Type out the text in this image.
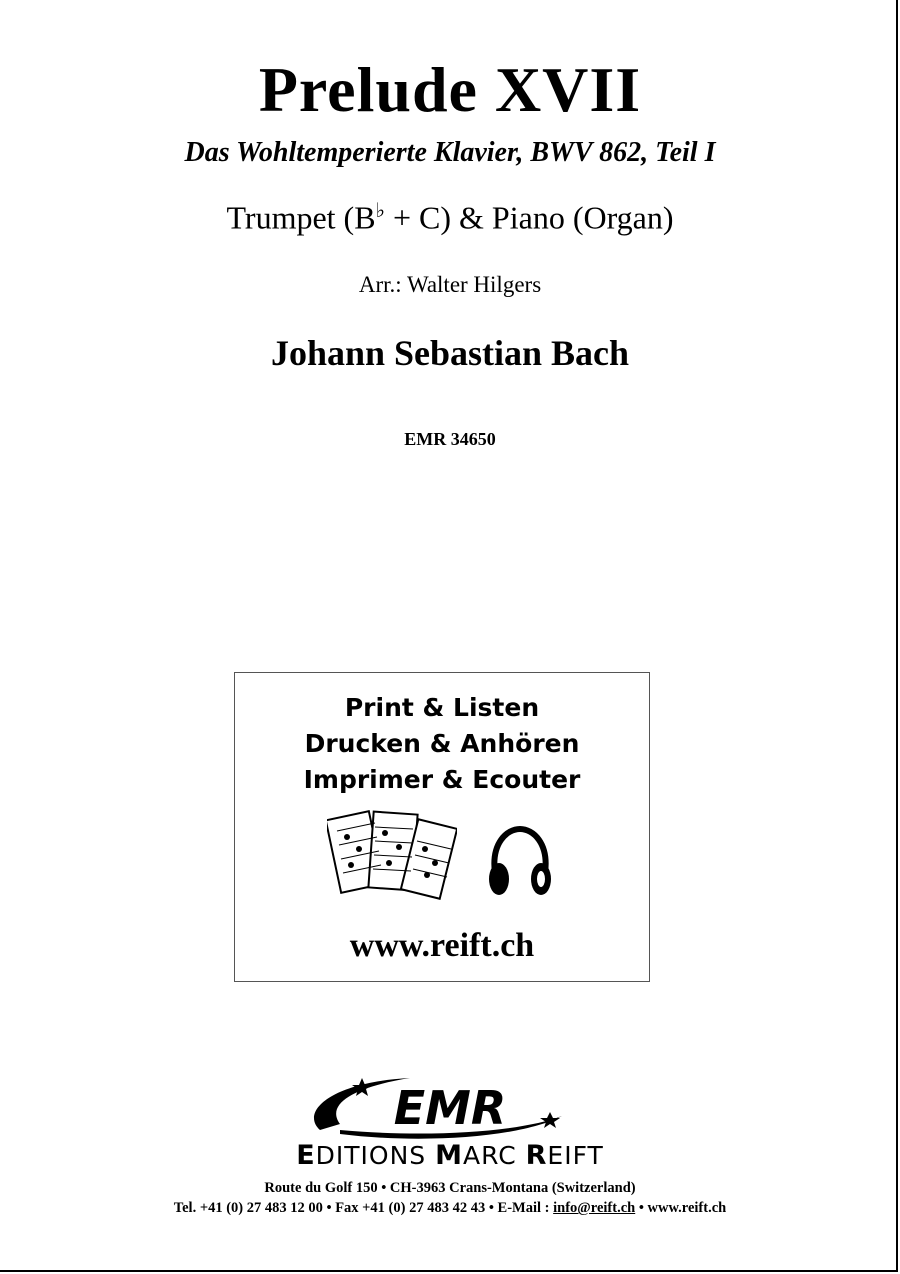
Prelude XVII
Das Wohltemperierte Klavier, BWV 862, Teil I
Trumpet (B♭ + C) & Piano (Organ)
Arr.: Walter Hilgers
Johann Sebastian Bach
EMR 34650
Print & Listen
Drucken & Anhören
Imprimer & Ecouter
www.reift.ch
EMR
EDITIONS MARC REIFT
Route du Golf 150 • CH-3963 Crans-Montana (Switzerland)
Tel. +41 (0) 27 483 12 00 • Fax +41 (0) 27 483 42 43 • E-Mail : info@reift.ch • www.reift.ch
